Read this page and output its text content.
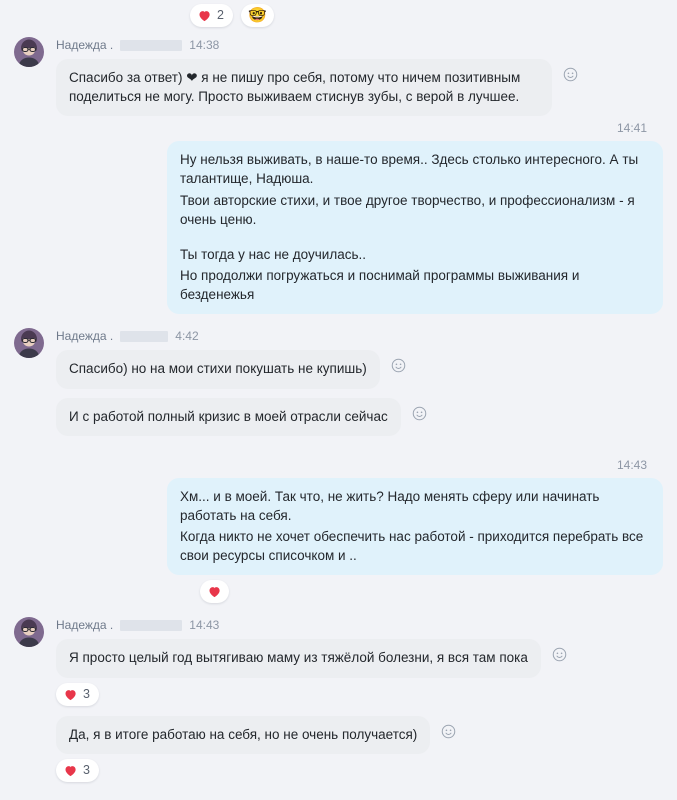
2 🤓
Надежда .	14:38

Спасибо за ответ) ❤ я не пишу про себя, потому что ничем позитивным поделиться не могу. Просто выживаем стиснув зубы, с верой в лучшее.

14:41

Ну нельзя выживать, в наше-то время.. Здесь столько интересного. А ты талантище, Надюша.

Твои авторские стихи, и твое другое творчество, и профессионализм - я очень ценю.

Ты тогда у нас не доучилась..

Но продолжи погружаться и поснимай программы выживания и безденежья

Надежда .	4:42

Спасибо) но на мои стихи покушать не купишь)

И с работой полный кризис в моей отрасли сейчас

14:43

Хм... и в моей. Так что, не жить? Надо менять сферу или начинать работать на себя.

Когда никто не хочет обеспечить нас работой - приходится перебрать все свои ресурсы списочком и ..

Надежда .	14:43

Я просто целый год вытягиваю маму из тяжёлой болезни, я вся там пока

3

Да, я в итоге работаю на себя, но не очень получается)

3
